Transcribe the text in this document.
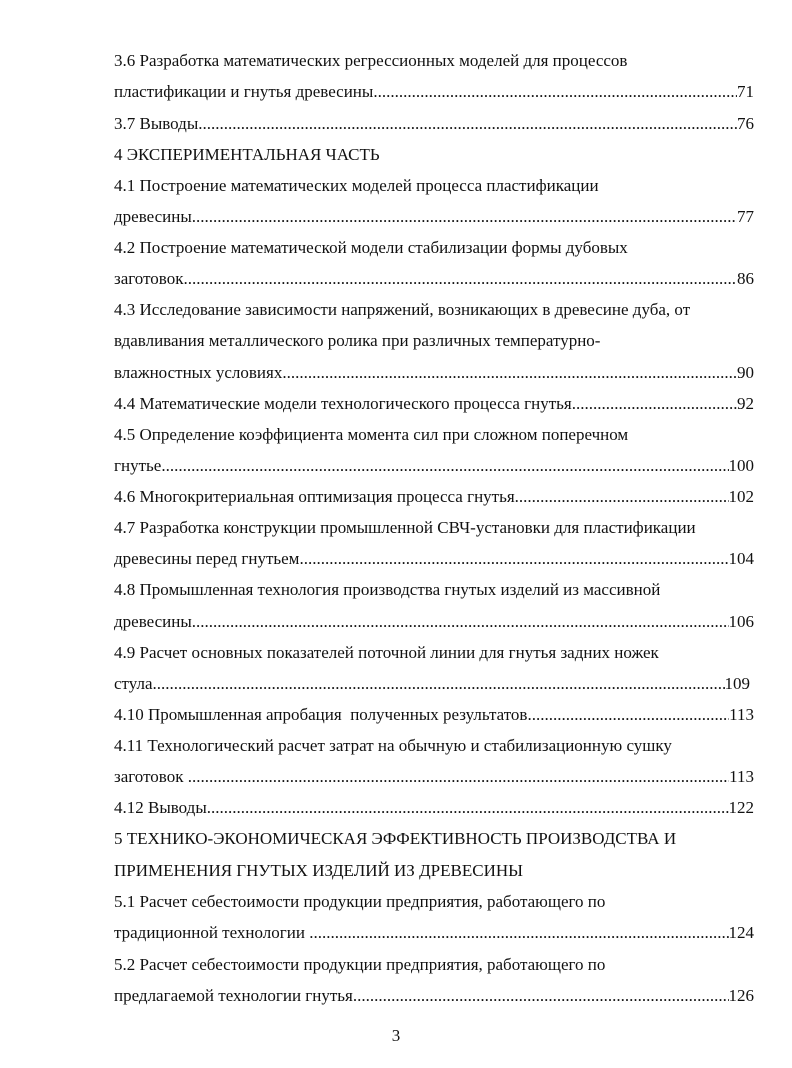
3.6 Разработка математических регрессионных моделей для процессов
пластификации и гнутья древесины .....	71
3.7 Выводы .....	76
4 ЭКСПЕРИМЕНТАЛЬНАЯ ЧАСТЬ
4.1 Построение математических моделей процесса пластификации
древесины .....	77
4.2 Построение математической модели стабилизации формы дубовых
заготовок .....	86
4.3 Исследование зависимости напряжений, возникающих в древесине дуба, от
вдавливания металлического ролика при различных температурно-
влажностных условиях .....	90
4.4 Математические модели технологического процесса гнутья .....	92
4.5 Определение коэффициента момента сил при сложном поперечном
гнутье .....	100
4.6 Многокритериальная оптимизация процесса гнутья .....	102
4.7 Разработка конструкции промышленной СВЧ-установки для пластификации
древесины перед гнутьем .....	104
4.8 Промышленная технология производства гнутых изделий из массивной
древесины .....	106
4.9 Расчет основных показателей поточной линии для гнутья задних ножек
стула .....	109
4.10 Промышленная апробация  полученных результатов .....	113
4.11 Технологический расчет затрат на обычную и стабилизационную сушку
заготовок .....	113
4.12 Выводы .....	122
5 ТЕХНИКО-ЭКОНОМИЧЕСКАЯ ЭФФЕКТИВНОСТЬ ПРОИЗВОДСТВА И
ПРИМЕНЕНИЯ ГНУТЫХ ИЗДЕЛИЙ ИЗ ДРЕВЕСИНЫ
5.1 Расчет себестоимости продукции предприятия, работающего по
традиционной технологии .....	124
5.2 Расчет себестоимости продукции предприятия, работающего по
предлагаемой технологии гнутья .....	126
3
